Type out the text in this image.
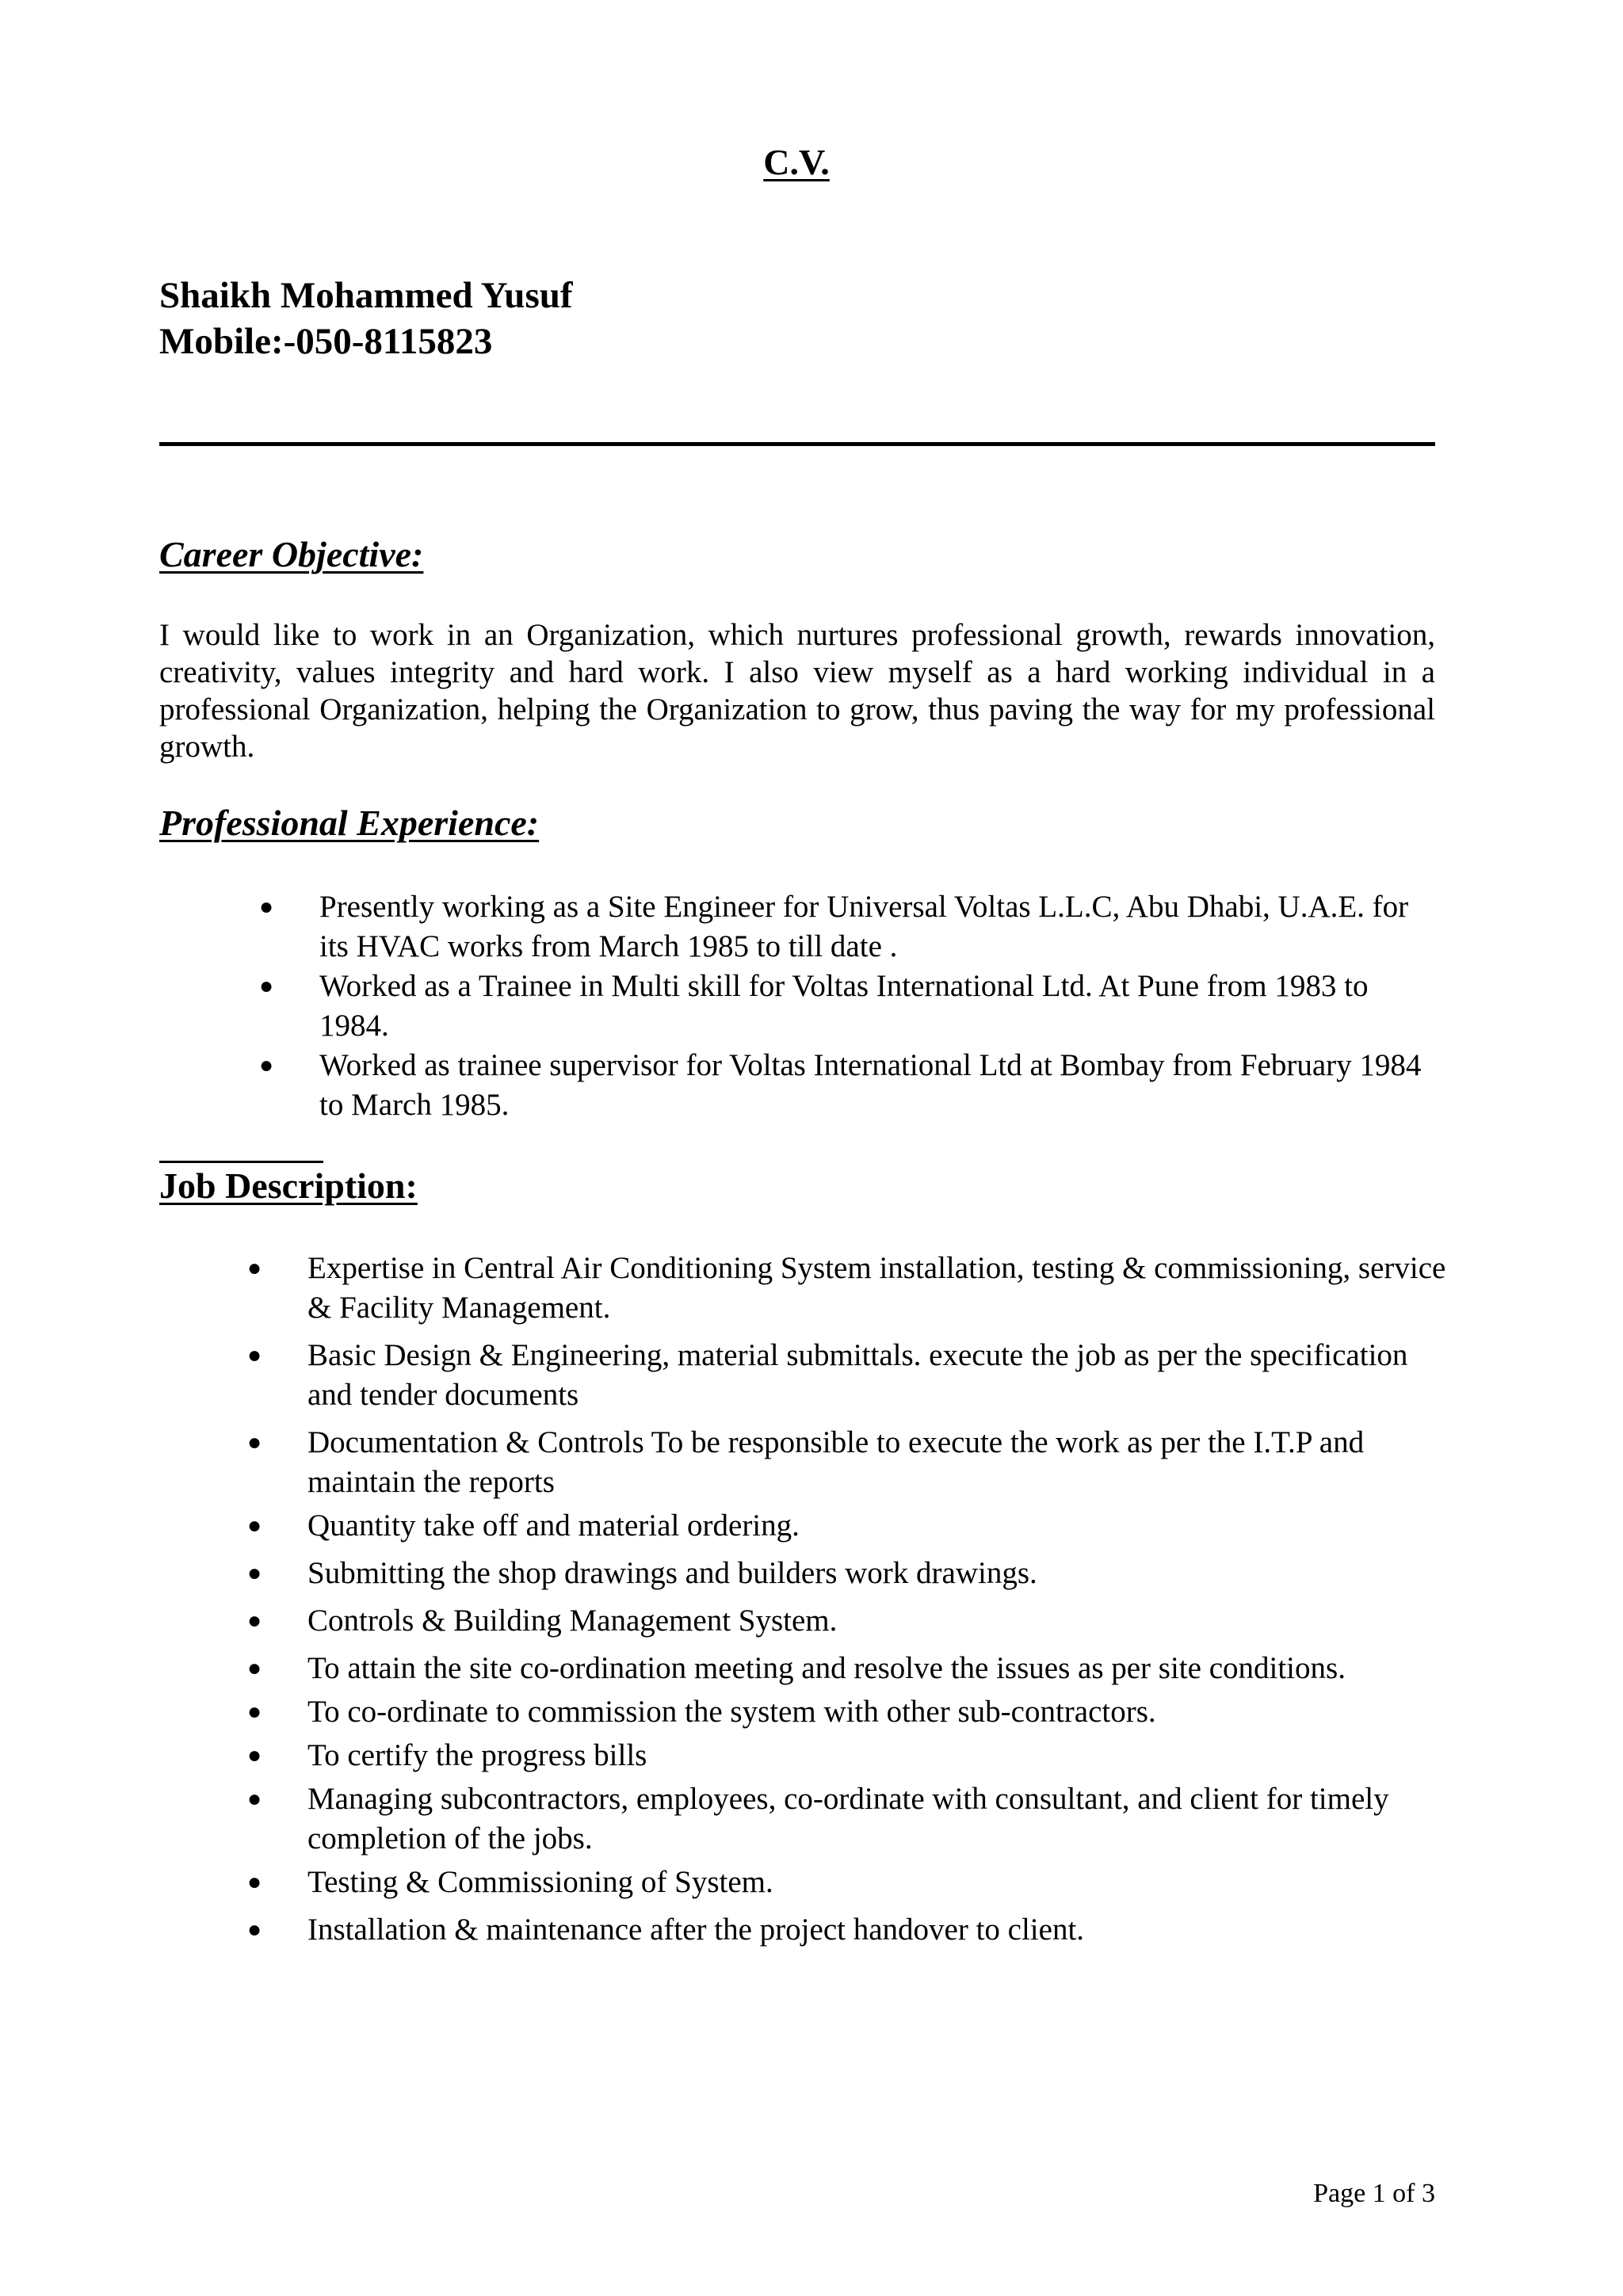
C.V.
Shaikh Mohammed Yusuf
Mobile:-050-8115823
Career Objective:

I would like to work in an Organization, which nurtures professional growth, rewards innovation, creativity, values integrity and hard work. I also view myself as a hard working individual in a professional Organization, helping the Organization to grow, thus paving the way for my professional growth.

Professional Experience:
● Presently working as a Site Engineer for Universal Voltas L.L.C, Abu Dhabi, U.A.E. for its HVAC works from March 1985 to till date .
● Worked as a Trainee in Multi skill for Voltas International Ltd. At Pune from 1983 to 1984.
● Worked as trainee supervisor for Voltas International Ltd at Bombay from February 1984 to March 1985.
Job Description:
● Expertise in Central Air Conditioning System installation, testing & commissioning, service & Facility Management.
● Basic Design & Engineering, material submittals. execute the job as per the specification and tender documents
● Documentation & Controls To be responsible to execute the work as per the I.T.P and maintain the reports
● Quantity take off and material ordering.
● Submitting the shop drawings and builders work drawings.
● Controls & Building Management System.
● To attain the site co-ordination meeting and resolve the issues as per site conditions.
● To co-ordinate to commission the system with other sub-contractors.
● To certify the progress bills
● Managing subcontractors, employees, co-ordinate with consultant, and client for timely completion of the jobs.
● Testing & Commissioning of System.
● Installation & maintenance after the project handover to client.
Page 1 of 3
